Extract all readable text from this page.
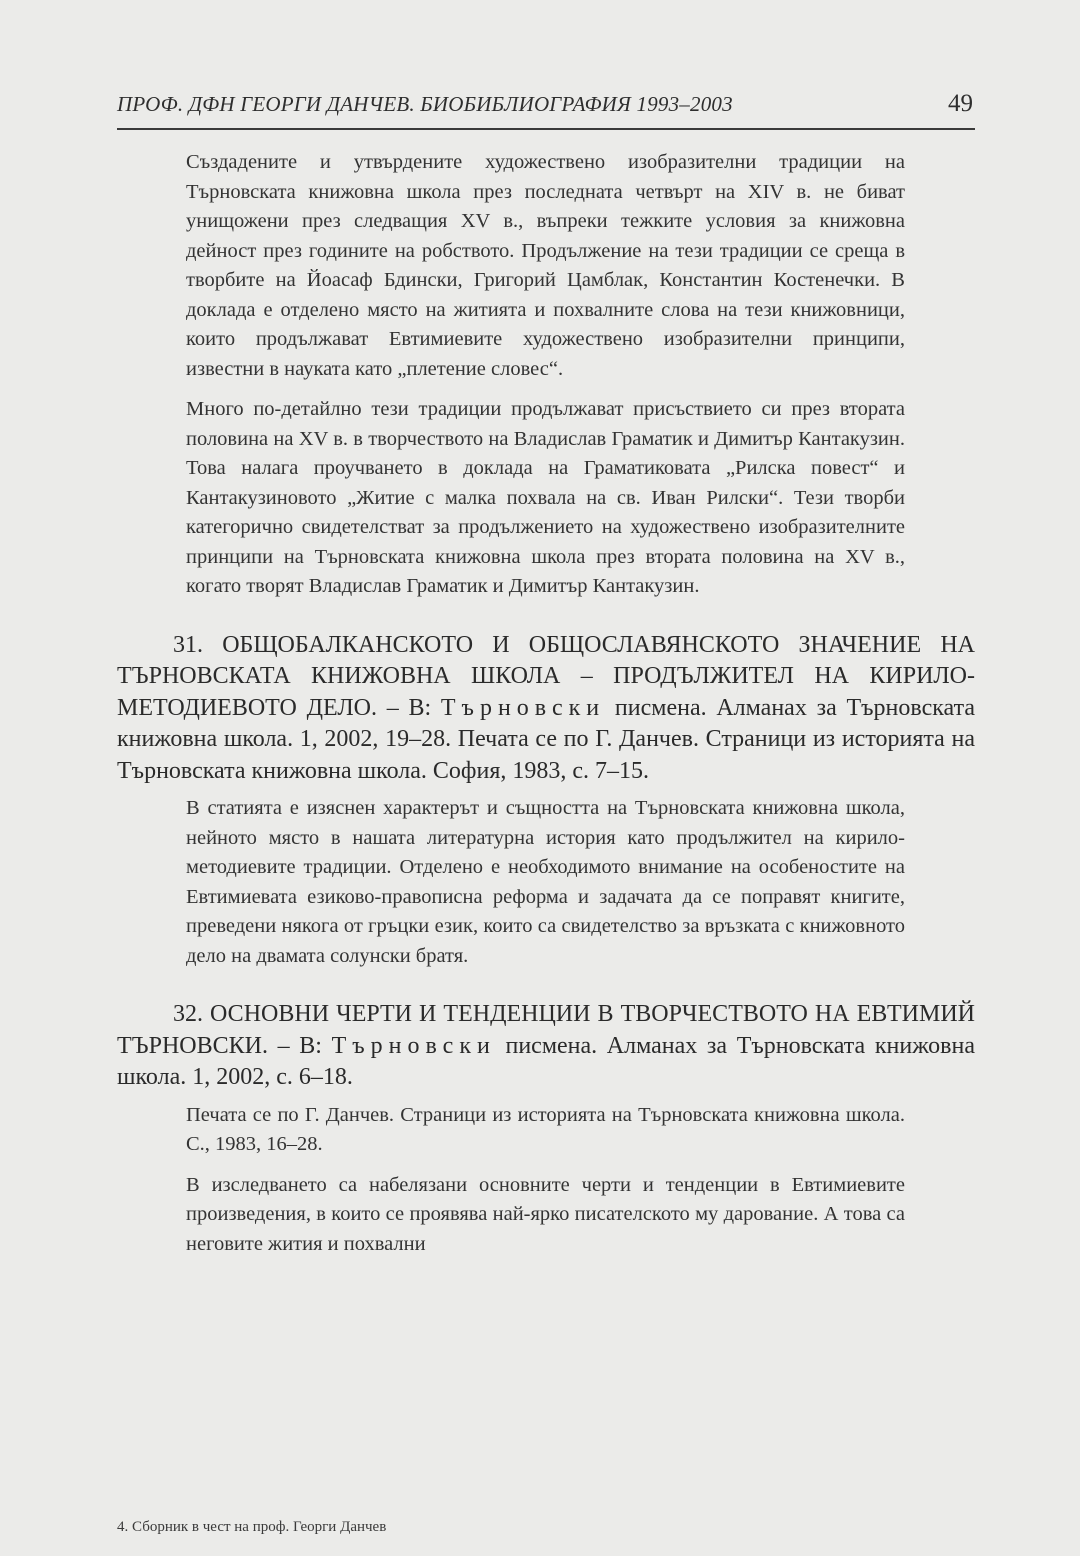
ПРОФ. ДФН ГЕОРГИ ДАНЧЕВ. БИОБИБЛИОГРАФИЯ 1993–2003	49

Създадените и утвърдените художествено изобразителни традиции на Търновската книжовна школа през последната четвърт на XIV в. не биват унищожени през следващия XV в., въпреки тежките условия за книжовна дейност през годините на робството. Продължение на тези традиции се среща в творбите на Йоасаф Бдински, Григорий Цамблак, Константин Костенечки. В доклада е отделено място на житията и похвалните слова на тези книжовници, които продължават Евтимиевите художествено изобразителни принципи, известни в науката като „плетение словес“.

Много по-детайлно тези традиции продължават присъствието си през втората половина на XV в. в творчеството на Владислав Граматик и Димитър Кантакузин. Това налага проучването в доклада на Граматиковата „Рилска повест“ и Кантакузиновото „Житие с малка похвала на св. Иван Рилски“. Тези творби категорично свидетелстват за продължението на художествено изобразителните принципи на Търновската книжовна школа през втората половина на XV в., когато творят Владислав Граматик и Димитър Кантакузин.

31. ОБЩОБАЛКАНСКОТО И ОБЩОСЛАВЯНСКОТО ЗНАЧЕНИЕ НА ТЪРНОВСКАТА КНИЖОВНА ШКОЛА – ПРОДЪЛЖИТЕЛ НА КИРИЛО-МЕТОДИЕВОТО ДЕЛО. – В: Търновски писмена. Алманах за Търновската книжовна школа. 1, 2002, 19–28. Печата се по Г. Данчев. Страници из историята на Търновската книжовна школа. София, 1983, с. 7–15.

В статията е изяснен характерът и същността на Търновската книжовна школа, нейното място в нашата литературна история като продължител на кирило-методиевите традиции. Отделено е необходимото внимание на особеностите на Евтимиевата езиково-правописна реформа и задачата да се поправят книгите, преведени някога от гръцки език, които са свидетелство за връзката с книжовното дело на двамата солунски братя.

32. ОСНОВНИ ЧЕРТИ И ТЕНДЕНЦИИ В ТВОРЧЕСТВОТО НА ЕВТИМИЙ ТЪРНОВСКИ. – В: Търновски писмена. Алманах за Търновската книжовна школа. 1, 2002, с. 6–18.

Печата се по Г. Данчев. Страници из историята на Търновската книжовна школа. С., 1983, 16–28.

В изследването са набелязани основните черти и тенденции в Евтимиевите произведения, в които се проявява най-ярко писателското му дарование. А това са неговите жития и похвални

4. Сборник в чест на проф. Георги Данчев
